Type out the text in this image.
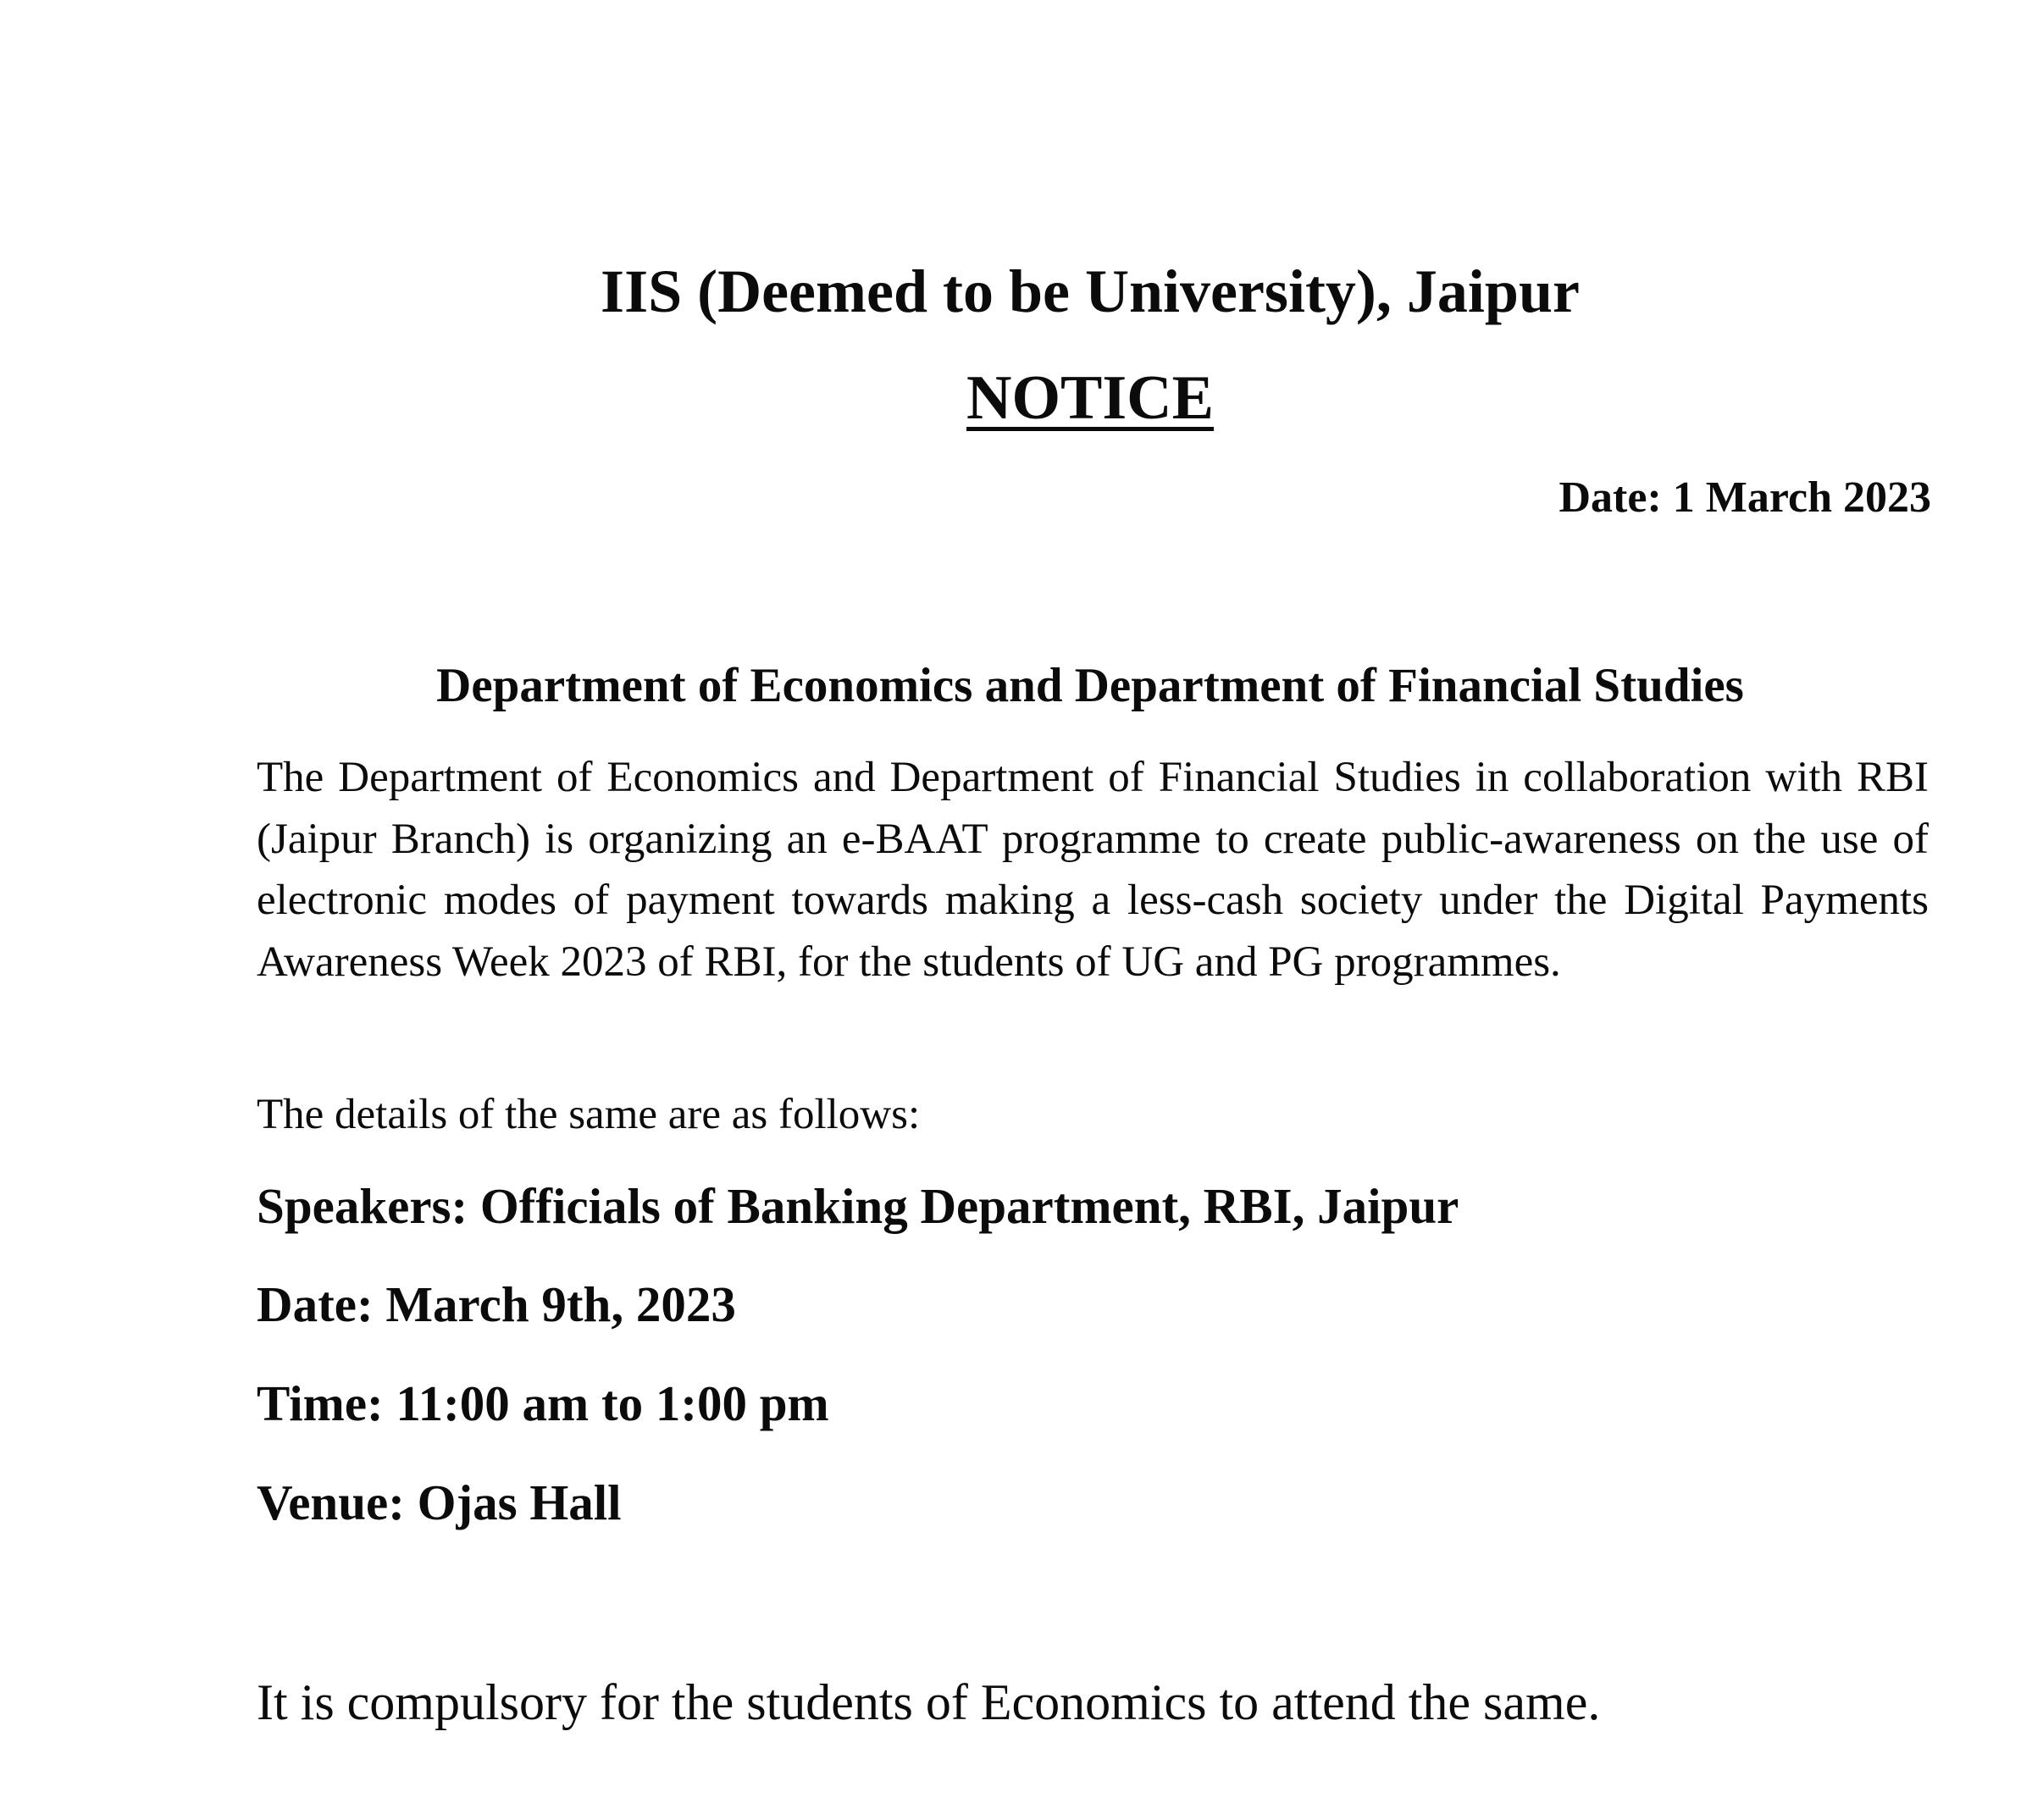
IIS (Deemed to be University), Jaipur

NOTICE

Date: 1 March 2023

Department of Economics and Department of Financial Studies

The Department of Economics and Department of Financial Studies in collaboration with RBI (Jaipur Branch) is organizing an e-BAAT programme to create public-awareness on the use of electronic modes of payment towards making a less-cash society under the Digital Payments Awareness Week 2023 of RBI, for the students of UG and PG programmes.

The details of the same are as follows:

Speakers: Officials of Banking Department, RBI, Jaipur

Date: March 9th, 2023

Time: 11:00 am to 1:00 pm

Venue: Ojas Hall

It is compulsory for the students of Economics to attend the same.
